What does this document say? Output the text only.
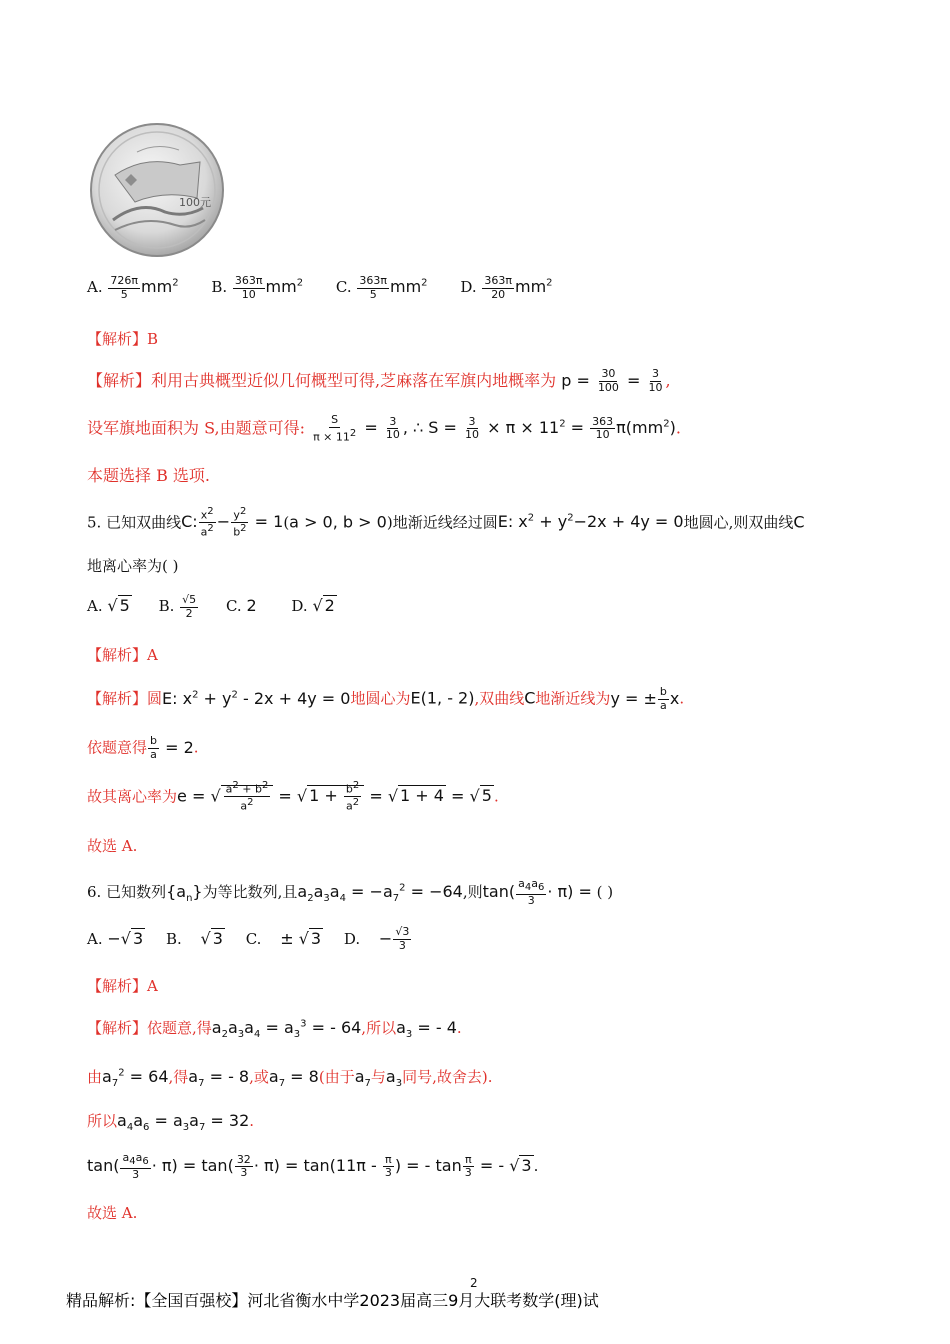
100元
A. $\frac{726\pi}{5} mm^2$ B. $\frac{363\pi}{10} mm^2$ C. $\frac{363\pi}{5} mm^2$ D. $\frac{363\pi}{20} mm^2$
【解析】B
【解析】利用古典概型近似几何概型可得,芝麻落在军旗内地概率为 $p = \frac{30}{100} = \frac{3}{10}$ ,
设军旗地面积为 S,由题意可得: $\frac{S}{\pi \times 11^2} = \frac{3}{10}$ , ∴ $S = \frac{3}{10} \times \pi \times 11^2 = \frac{363}{10} \pi(mm^2)$.
本题选择 B 选项.
5. 已知双曲线C: $\frac{x^2}{a^2} - \frac{y^2}{b^2} = 1(a > 0$, b > 0)地渐近线经过圆E: $x^2 + y^2-2x + 4y = 0$地圆心,则双曲线C
地离心率为( )
A. √ 5 B. $\frac{√5}{2} C$. 2 D. √ 2
【解析】A
【解析】圆E: $x^2 + y^2 - 2x + 4y = 0$地圆心为E(1, - 2),双曲线C地渐近线为y = ± $\frac{b}{a} x$.
依题意得 $\frac{b}{a} = 2$.
故其离心率为e = √ $\frac{a^2 + b^2}{a^2}$ = √ $1 + \frac{b^2}{a^2}$ = √ 1 + 4 = √ 5 .
故选 A.
6. 已知数列$\{a_n\}$为等比数列,且$a_2a_3a_4 = -a_7^2 = -64$,则$\tan( \frac{a_4a_6}{3} \cdot \pi)$ = ( )
A. −√ 3 B. √ 3 C. ± √ 3 D. − $\frac{√3}{3}$
【解析】A
【解析】依题意,得$a_2a_3a_4 = a_3^3$ = - 64,所以$a_3$ = - 4.
由$a_7^2 = 64$,得$a_7$ = - 8,或$a_7 = 8$(由于$a_7$与$a_3$同号,故舍去).
所以$a_4a_6 = a_3a_7 = 32$.
$\tan( \frac{a_4a_6}{3} \cdot \pi) = \tan( \frac{32}{3} \cdot \pi) = \tan(11\pi - \frac{\pi}{3}$ ) = - $\tan \frac{\pi}{3}$ = - √ 3 .
故选 A.
2
精品解析:【全国百强校】河北省衡水中学2023届高三9月大联考数学(理)试
